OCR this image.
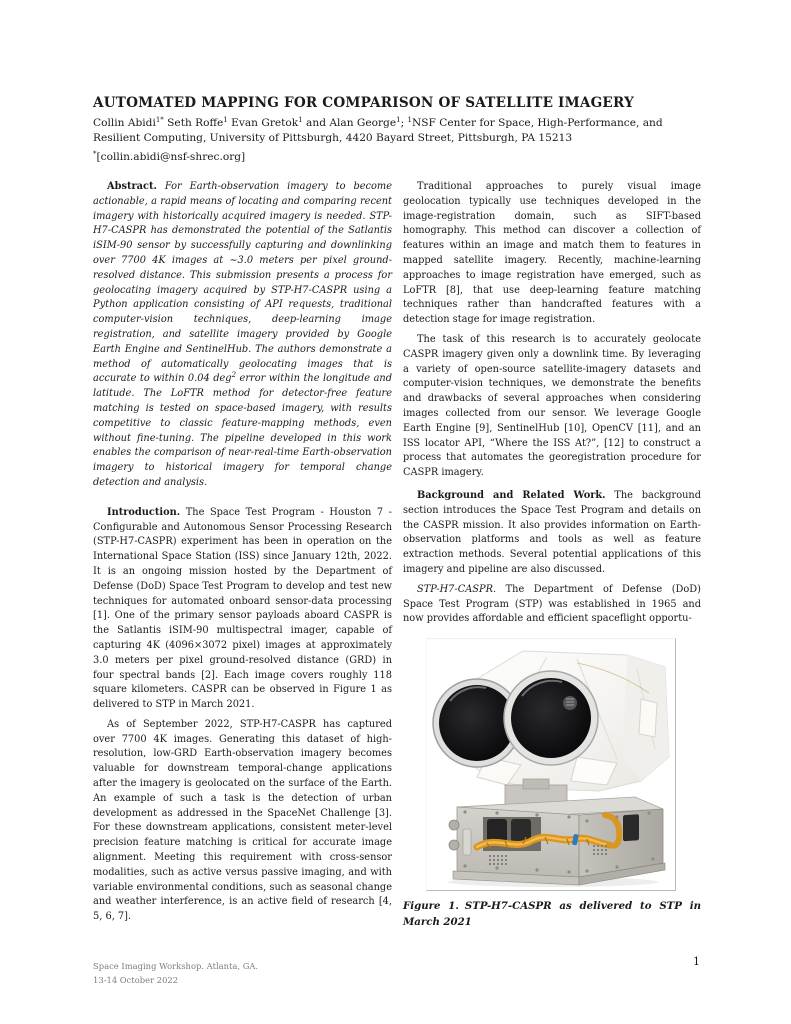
AUTOMATED MAPPING FOR COMPARISON OF SATELLITE IMAGERY
Collin Abidi$^{1*}$ Seth Roffe$^1$ Evan Gretok$^1$ and Alan George$^1$; $^1$NSF Center for Space, High-Performance, and Resilient Computing, University of Pittsburgh, 4420 Bayard Street, Pittsburgh, PA 15213
*[collin.abidi@nsf-shrec.org]

Abstract. For Earth-observation imagery to become actionable, a rapid means of locating and comparing recent imagery with historically acquired imagery is needed. STP-H7-CASPR has demonstrated the potential of the Satlantis iSIM-90 sensor by successfully capturing and downlinking over 7700 4K images at ∼3.0 meters per pixel ground-resolved distance. This submission presents a process for geolocating imagery acquired by STP-H7-CASPR using a Python application consisting of API requests, traditional computer-vision techniques, deep-learning image registration, and satellite imagery provided by Google Earth Engine and SentinelHub. The authors demonstrate a method of automatically geolocating images that is accurate to within 0.04 deg$^2$ error within the longitude and latitude. The LoFTR method for detector-free feature matching is tested on space-based imagery, with results competitive to classic feature-mapping methods, even without fine-tuning. The pipeline developed in this work enables the comparison of near-real-time Earth-observation imagery to historical imagery for temporal change detection and analysis.

Introduction. The Space Test Program - Houston 7 - Configurable and Autonomous Sensor Processing Research (STP-H7-CASPR) experiment has been in operation on the International Space Station (ISS) since January 12th, 2022. It is an ongoing mission hosted by the Department of Defense (DoD) Space Test Program to develop and test new techniques for automated onboard sensor-data processing [1]. One of the primary sensor payloads aboard CASPR is the Satlantis iSIM-90 multispectral imager, capable of capturing 4K (4096×3072 pixel) images at approximately 3.0 meters per pixel ground-resolved distance (GRD) in four spectral bands [2]. Each image covers roughly 118 square kilometers. CASPR can be observed in Figure 1 as delivered to STP in March 2021.

As of September 2022, STP-H7-CASPR has captured over 7700 4K images. Generating this dataset of high-resolution, low-GRD Earth-observation imagery becomes valuable for downstream temporal-change applications after the imagery is geolocated on the surface of the Earth. An example of such a task is the detection of urban development as addressed in the SpaceNet Challenge [3]. For these downstream applications, consistent meter-level precision feature matching is critical for accurate image alignment. Meeting this requirement with cross-sensor modalities, such as active versus passive imaging, and with variable environmental conditions, such as seasonal change and weather interference, is an active field of research [4, 5, 6, 7].

Traditional approaches to purely visual image geolocation typically use techniques developed in the image-registration domain, such as SIFT-based homography. This method can discover a collection of features within an image and match them to features in mapped satellite imagery. Recently, machine-learning approaches to image registration have emerged, such as LoFTR [8], that use deep-learning feature matching techniques rather than handcrafted features with a detection stage for image registration.

The task of this research is to accurately geolocate CASPR imagery given only a downlink time. By leveraging a variety of open-source satellite-imagery datasets and computer-vision techniques, we demonstrate the benefits and drawbacks of several approaches when considering images collected from our sensor. We leverage Google Earth Engine [9], SentinelHub [10], OpenCV [11], and an ISS locator API, “Where the ISS At?”, [12] to construct a process that automates the georegistration procedure for CASPR imagery.

Background and Related Work. The background section introduces the Space Test Program and details on the CASPR mission. It also provides information on Earth-observation platforms and tools as well as feature extraction methods. Several potential applications of this imagery and pipeline are also discussed.

STP-H7-CASPR. The Department of Defense (DoD) Space Test Program (STP) was established in 1965 and now provides affordable and efficient spaceflight opportu-

Figure 1. STP-H7-CASPR as delivered to STP in March 2021
Space Imaging Workshop. Atlanta, GA.
13-14 October 2022
1
